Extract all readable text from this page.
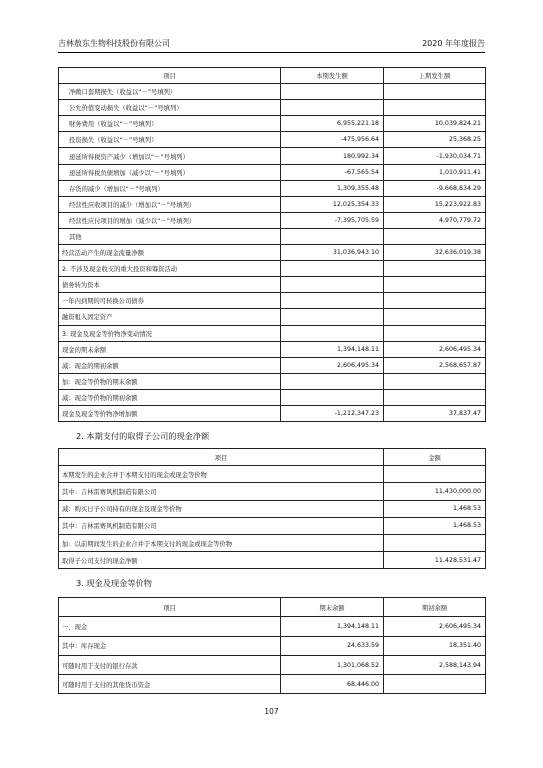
吉林敖东生物科技股份有限公司	2020 年年度报告
项目	本期发生额	上期发生额
净敞口套期损失（收益以“－”号填列）		
公允价值变动损失（收益以“－”号填列）		
财务费用（收益以“－”号填列）	6,955,221.18	10,039,824.21
投资损失（收益以“－”号填列）	-475,956.64	25,368.25
递延所得税资产减少（增加以“－”号填列）	180,992.34	-1,930,034.71
递延所得税负债增加（减少以“－”号填列）	-67,565.54	1,010,911.41
存货的减少（增加以“－”号填列）	1,309,355.48	-9,668,834.29
经营性应收项目的减少（增加以“－”号填列）	12,025,354.33	15,223,922.83
经营性应付项目的增加（减少以“－”号填列）	-7,395,705.59	4,970,779.72
其他		
经营活动产生的现金流量净额	31,036,943.10	32,636,019.38
2. 不涉及现金收支的重大投资和筹资活动		
债务转为资本		
一年内到期的可转换公司债券		
融资租入固定资产		
3. 现金及现金等价物净变动情况		
现金的期末余额	1,394,148.11	2,606,495.34
减：现金的期初余额	2,606,495.34	2,568,657.87
加：现金等价物的期末余额		
减：现金等价物的期初余额		
现金及现金等价物净增加额	-1,212,347.23	37,837.47
2. 本期支付的取得子公司的现金净额
项目	金额
本期发生的企业合并于本期支付的现金或现金等价物	
其中：吉林雷赛风机制造有限公司	11,430,000.00
减：购买日子公司持有的现金及现金等价物	1,468.53
其中：吉林雷赛风机制造有限公司	1,468.53
加：以前期间发生的企业合并于本期支付的现金或现金等价物	
取得子公司支付的现金净额	11,428,531.47
3. 现金及现金等价物
项目	期末余额	期初余额
一、现金	1,394,148.11	2,606,495.34
其中：库存现金	24,633.59	18,351.40
可随时用于支付的银行存款	1,301,068.52	2,588,143.94
可随时用于支付的其他货币资金	68,446.00	
107
